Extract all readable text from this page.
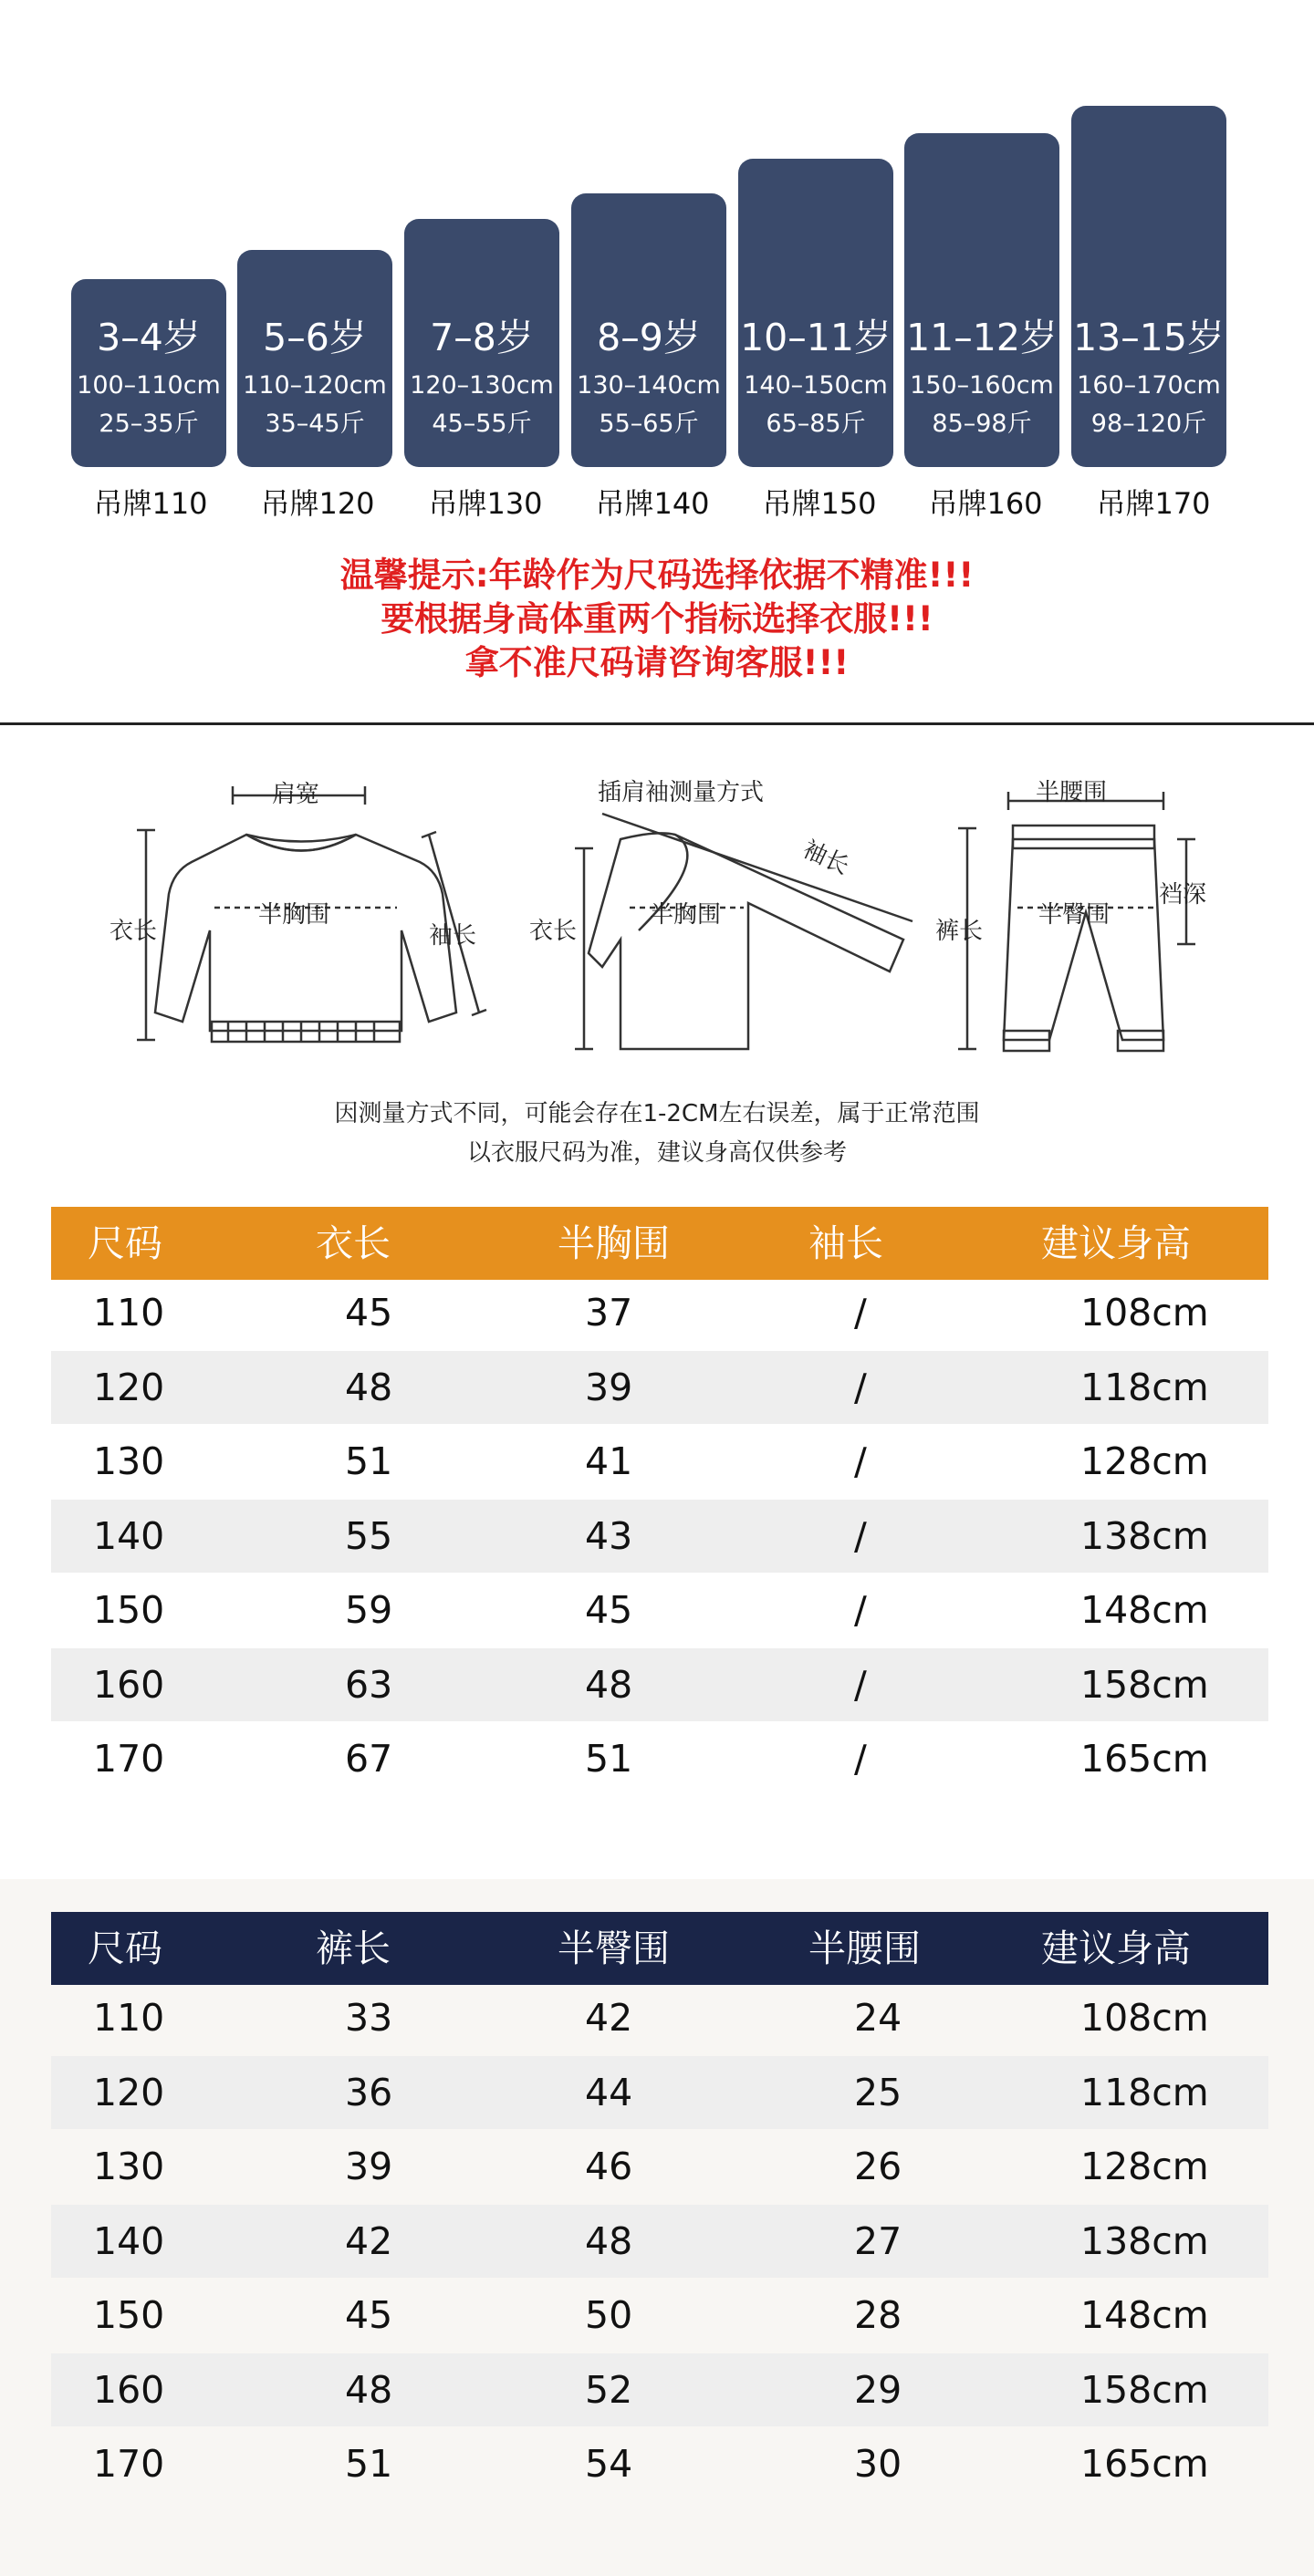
3–4岁
100–110cm
25–35斤
吊牌110
5–6岁
110–120cm
35–45斤
吊牌120
7–8岁
120–130cm
45–55斤
吊牌130
8–9岁
130–140cm
55–65斤
吊牌140
10–11岁
140–150cm
65–85斤
吊牌150
11–12岁
150–160cm
85–98斤
吊牌160
13–15岁
160–170cm
98–120斤
吊牌170
温馨提示:年龄作为尺码选择依据不精准!!!
要根据身高体重两个指标选择衣服!!!
拿不准尺码请咨询客服!!!
肩宽	插肩袖测量方式
衣长
半胸围
袖长 衣长
半胸围
袖长
半腰围
半臀围
裤长
裆深
因测量方式不同，可能会存在1-2CM左右误差，属于正常范围
以衣服尺码为准，建议身高仅供参考
尺码	衣长	半胸围	袖长	建议身高
110	45	37	/	108cm
120	48	39	/	118cm
130	51	41	/	128cm
140	55	43	/	138cm
150	59	45	/	148cm
160	63	48	/	158cm
170	67	51	/	165cm
尺码	裤长	半臀围	半腰围	建议身高
110	33	42	24	108cm
120	36	44	25	118cm
130	39	46	26	128cm
140	42	48	27	138cm
150	45	50	28	148cm
160	48	52	29	158cm
170	51	54	30	165cm
